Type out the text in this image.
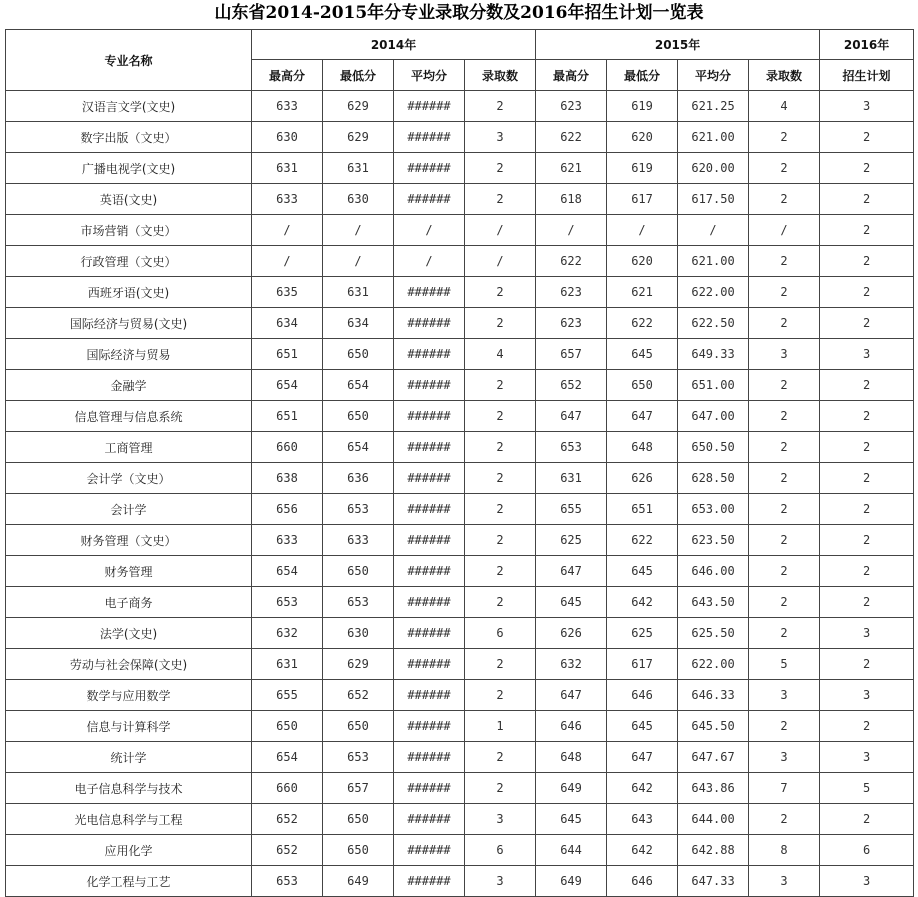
山东省2014-2015年分专业录取分数及2016年招生计划一览表
专业名称	2014年				2015年				2016年
	最高分	最低分	平均分	录取数	最高分	最低分	平均分	录取数	招生计划
汉语言文学(文史)	633	629	######	2	623	619	621.25	4	3
数字出版（文史）	630	629	######	3	622	620	621.00	2	2
广播电视学(文史)	631	631	######	2	621	619	620.00	2	2
英语(文史)	633	630	######	2	618	617	617.50	2	2
市场营销（文史）	/	/	/	/	/	/	/	/	2
行政管理（文史）	/	/	/	/	622	620	621.00	2	2
西班牙语(文史)	635	631	######	2	623	621	622.00	2	2
国际经济与贸易(文史)	634	634	######	2	623	622	622.50	2	2
国际经济与贸易	651	650	######	4	657	645	649.33	3	3
金融学	654	654	######	2	652	650	651.00	2	2
信息管理与信息系统	651	650	######	2	647	647	647.00	2	2
工商管理	660	654	######	2	653	648	650.50	2	2
会计学（文史）	638	636	######	2	631	626	628.50	2	2
会计学	656	653	######	2	655	651	653.00	2	2
财务管理（文史）	633	633	######	2	625	622	623.50	2	2
财务管理	654	650	######	2	647	645	646.00	2	2
电子商务	653	653	######	2	645	642	643.50	2	2
法学(文史)	632	630	######	6	626	625	625.50	2	3
劳动与社会保障(文史)	631	629	######	2	632	617	622.00	5	2
数学与应用数学	655	652	######	2	647	646	646.33	3	3
信息与计算科学	650	650	######	1	646	645	645.50	2	2
统计学	654	653	######	2	648	647	647.67	3	3
电子信息科学与技术	660	657	######	2	649	642	643.86	7	5
光电信息科学与工程	652	650	######	3	645	643	644.00	2	2
应用化学	652	650	######	6	644	642	642.88	8	6
化学工程与工艺	653	649	######	3	649	646	647.33	3	3
